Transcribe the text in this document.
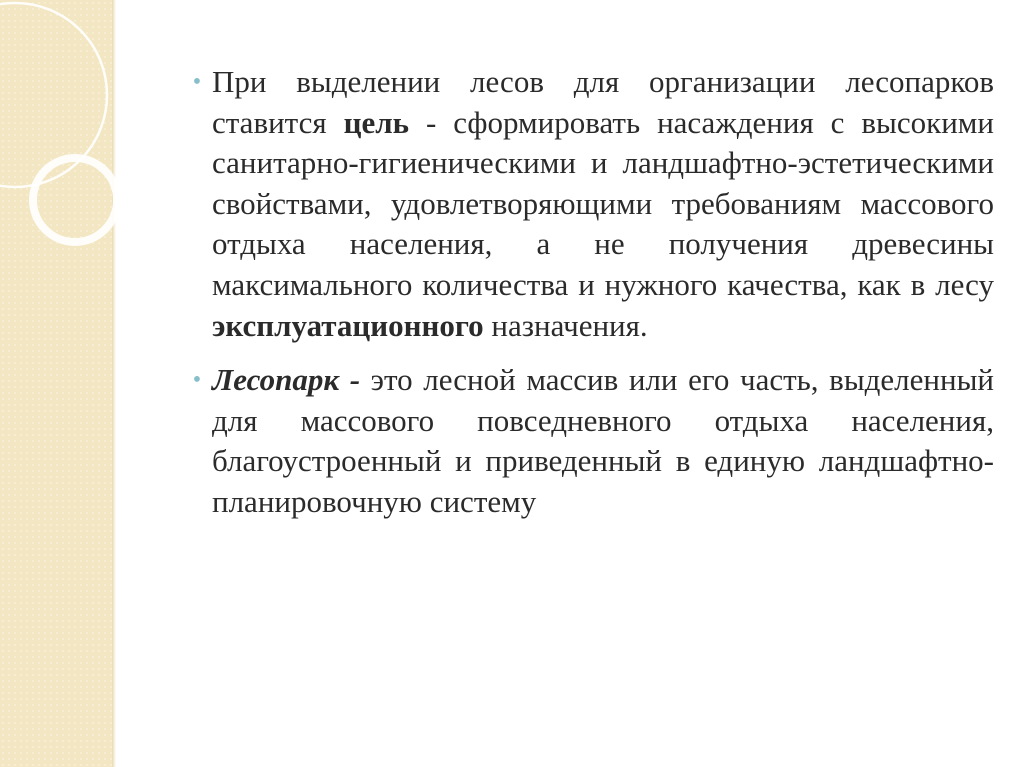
• При выделении лесов для организации лесопарков ставится цель - сформировать насаждения с высокими санитарно-гигиеническими и ландшафтно-эстетическими свойствами, удовлетворяющими требованиям массового отдыха населения, а не получения древесины максимального количества и нужного качества, как в лесу эксплуатационного назначения.

• Лесопарк - это лесной массив или его часть, выделенный для массового повседневного отдыха населения, благоустроенный и приведенный в единую ландшафтно-планировочную систему
